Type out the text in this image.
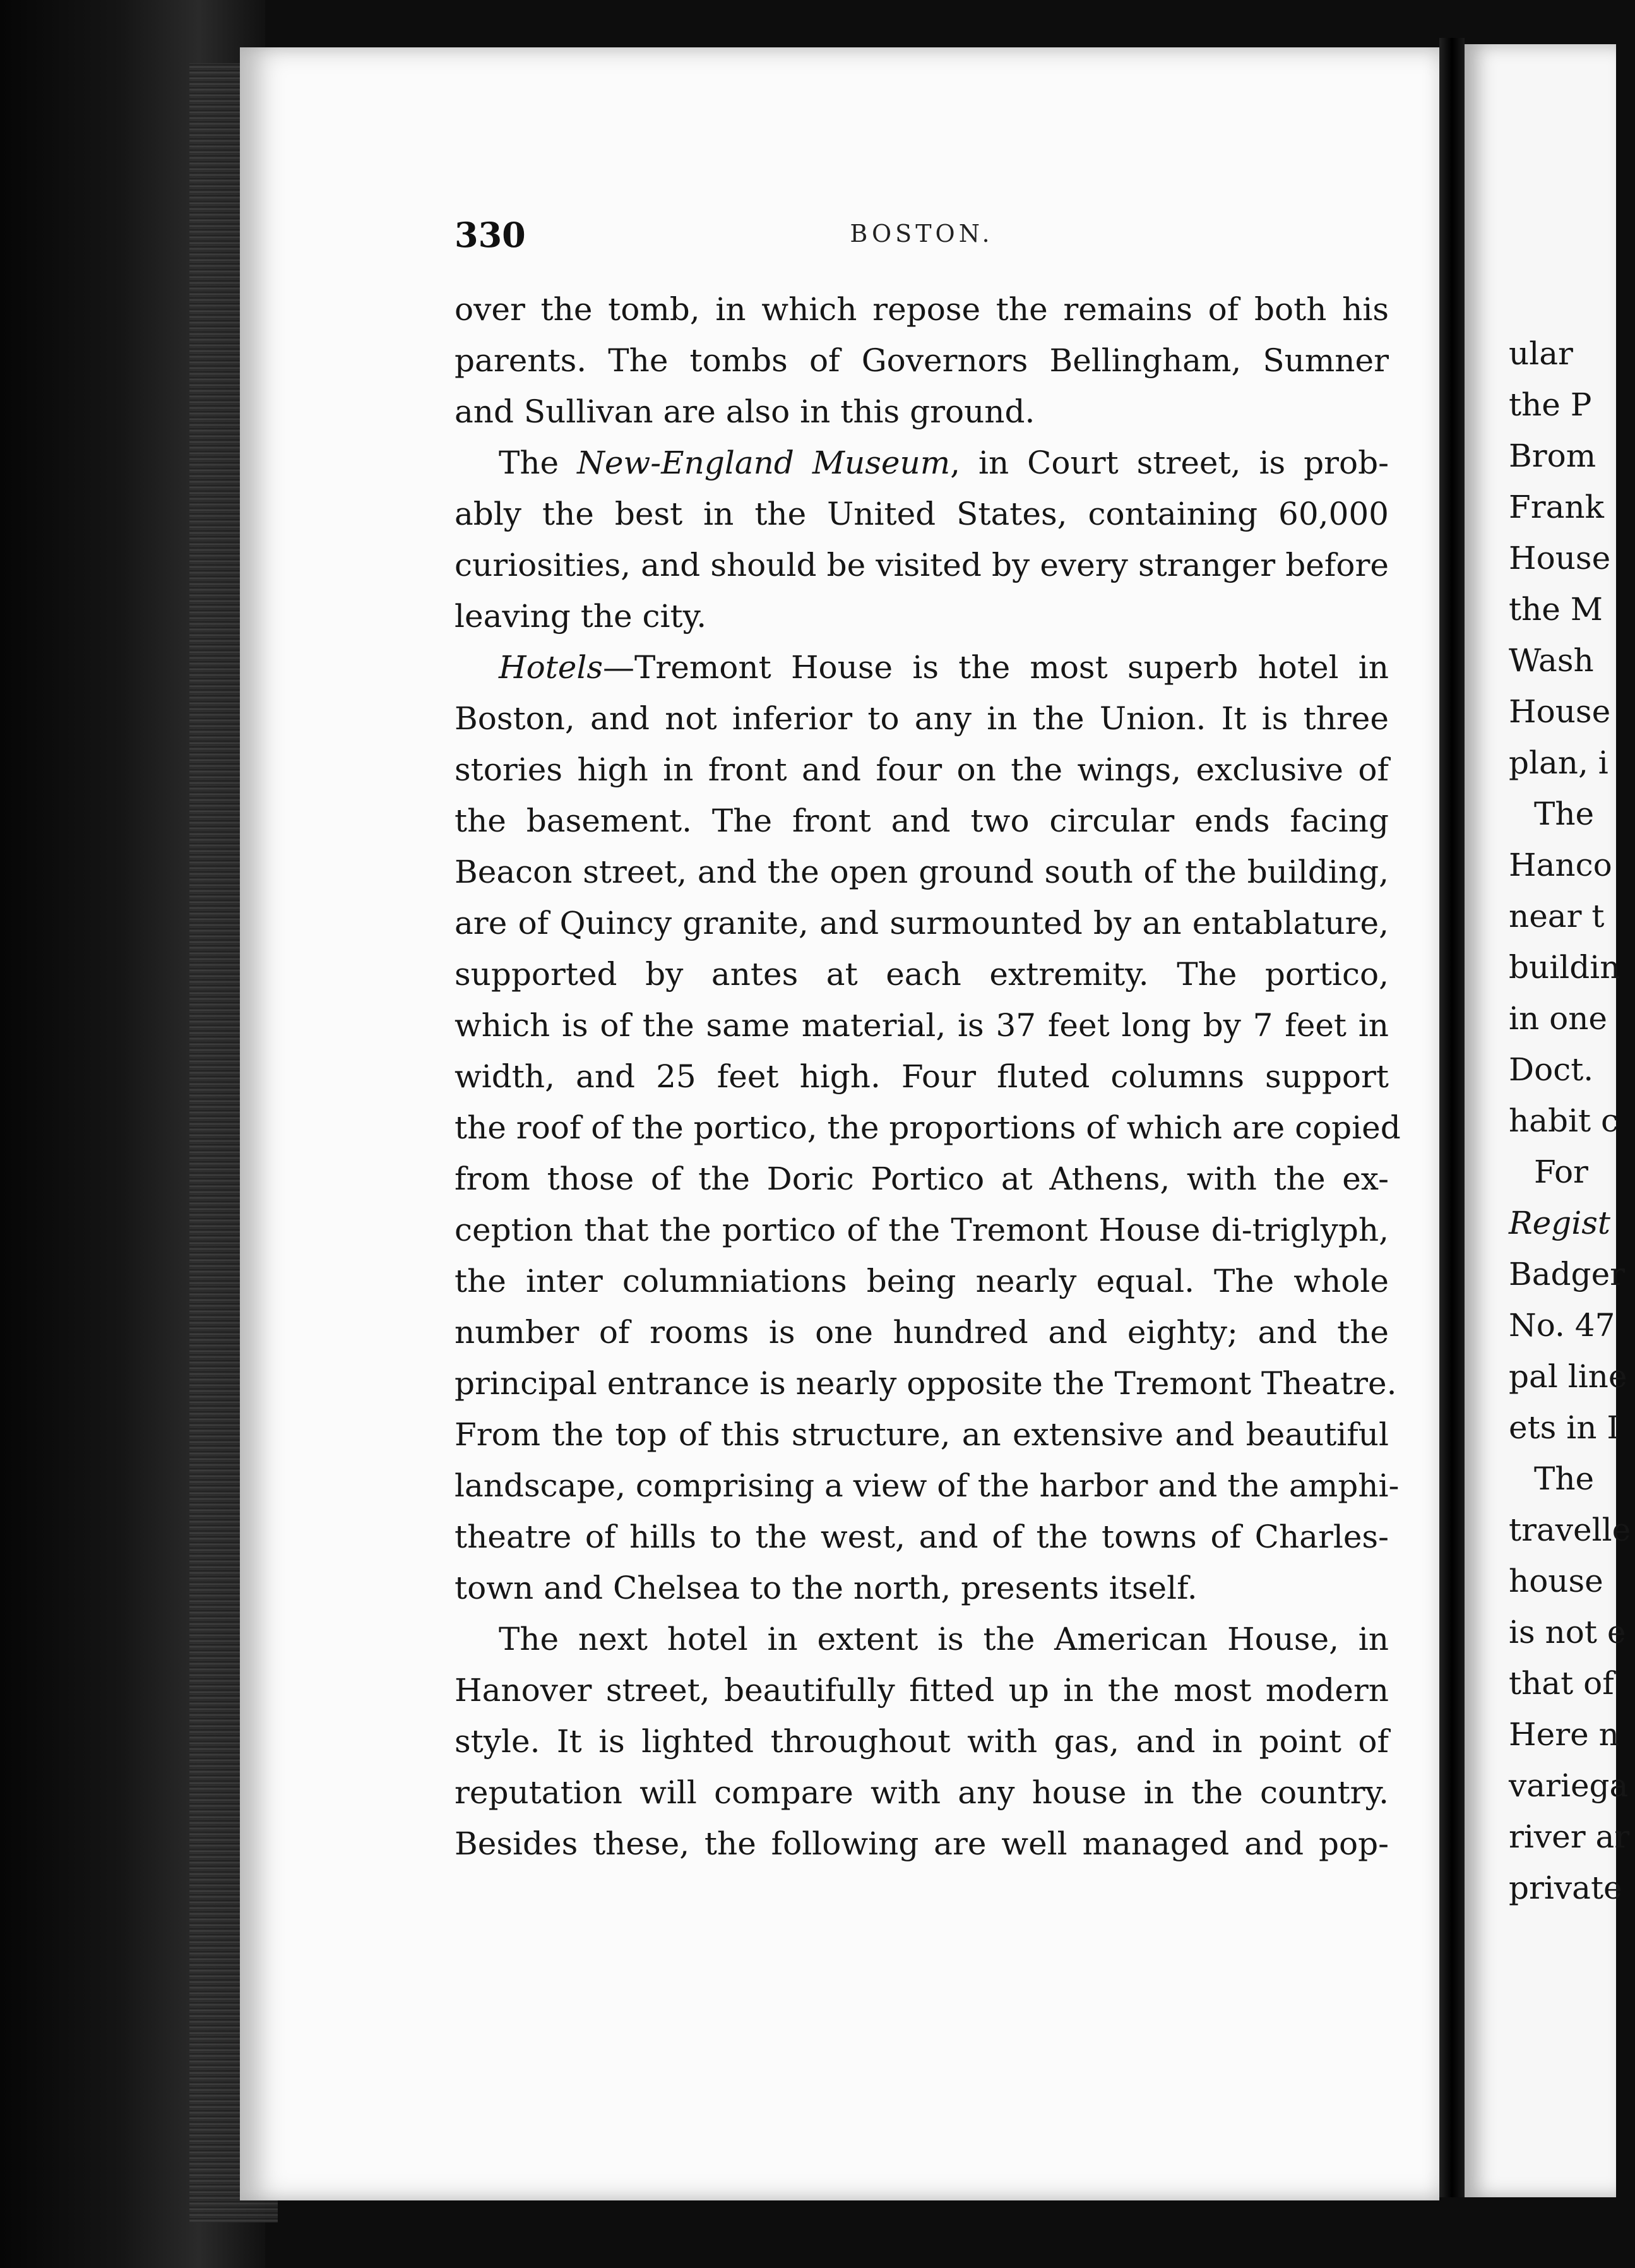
ular
the P
Brom
Frank
House
the M
Wash
House
plan, i
The
Hanco
near t
buildin
in one
Doct.
habit c
For
Regist
Badger
No. 47
pal line
ets in I
The
travelle
house
is not e
that of
Here n
variega
river ar
private
330	BOSTON.
over the tomb, in which repose the remains of both his
parents. The tombs of Governors Bellingham, Sumner
and Sullivan are also in this ground.
The New-England Museum, in Court street, is prob-
ably the best in the United States, containing 60,000
curiosities, and should be visited by every stranger before
leaving the city.
Hotels—Tremont House is the most superb hotel in
Boston, and not inferior to any in the Union. It is three
stories high in front and four on the wings, exclusive of
the basement. The front and two circular ends facing
Beacon street, and the open ground south of the building,
are of Quincy granite, and surmounted by an entablature,
supported by antes at each extremity. The portico,
which is of the same material, is 37 feet long by 7 feet in
width, and 25 feet high. Four fluted columns support
the roof of the portico, the proportions of which are copied
from those of the Doric Portico at Athens, with the ex-
ception that the portico of the Tremont House di-triglyph,
the inter columniations being nearly equal. The whole
number of rooms is one hundred and eighty; and the
principal entrance is nearly opposite the Tremont Theatre.
From the top of this structure, an extensive and beautiful
landscape, comprising a view of the harbor and the amphi-
theatre of hills to the west, and of the towns of Charles-
town and Chelsea to the north, presents itself.
The next hotel in extent is the American House, in
Hanover street, beautifully fitted up in the most modern
style. It is lighted throughout with gas, and in point of
reputation will compare with any house in the country.
Besides these, the following are well managed and pop-
